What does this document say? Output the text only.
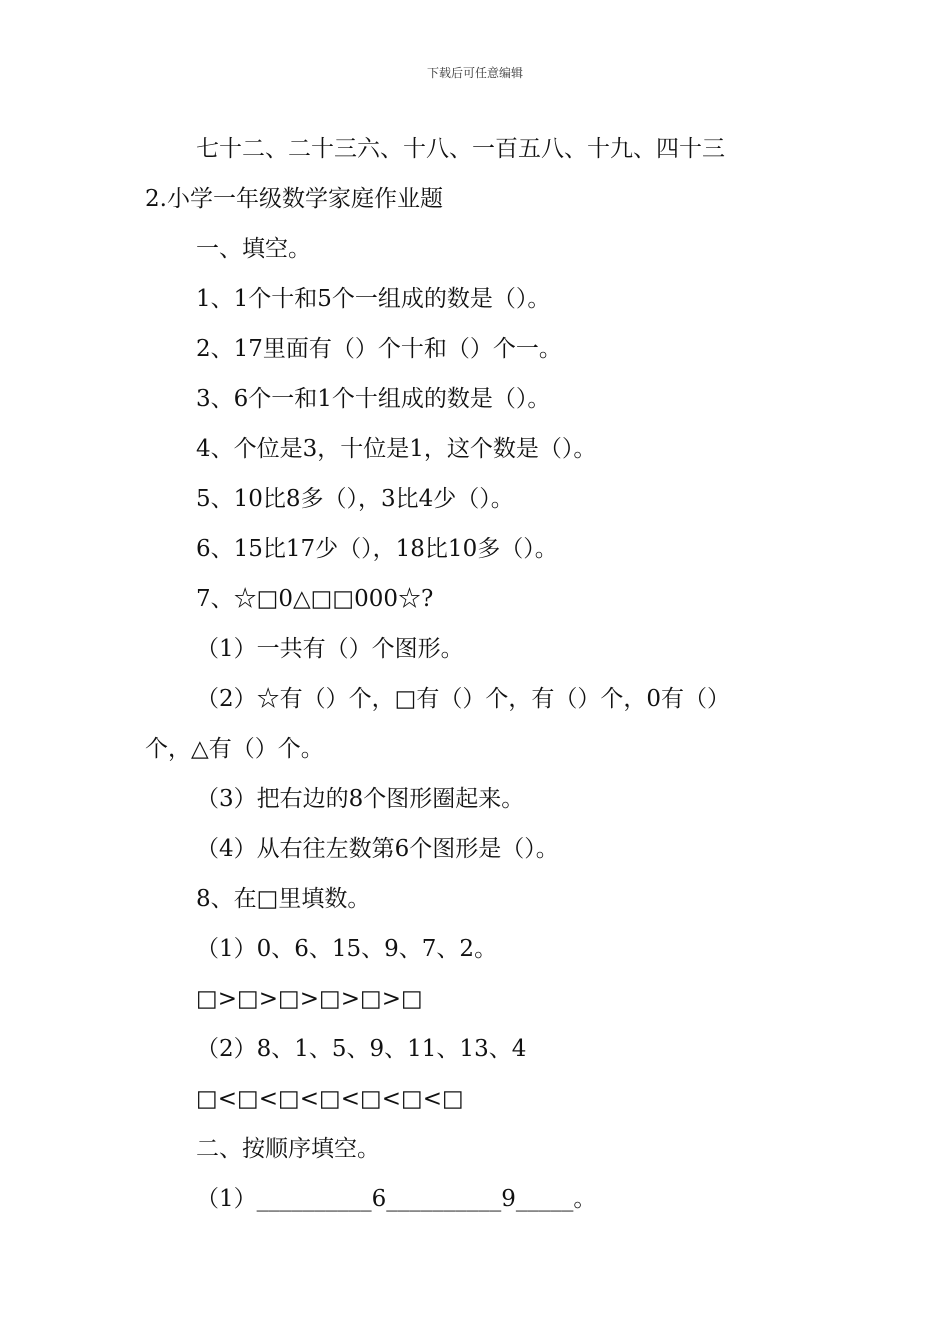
下载后可任意编辑
七十二、二十三六、十八、一百五八、十九、四十三
2.小学一年级数学家庭作业题
一、填空。
1、1个十和5个一组成的数是（）。
2、17里面有（）个十和（）个一。
3、6个一和1个十组成的数是（）。
4、个位是3，十位是1，这个数是（）。
5、10比8多（），3比4少（）。
6、15比17少（），18比10多（）。
7、☆□0△□□000☆?
（1）一共有（）个图形。
（2）☆有（）个，□有（）个，有（）个，0有（）
个，△有（）个。
（3）把右边的8个图形圈起来。
（4）从右往左数第6个图形是（）。
8、在□里填数。
（1）0、6、15、9、7、2。
□>□>□>□>□>□
（2）8、1、5、9、11、13、4
□<□<□<□<□<□<□
二、按顺序填空。
（1）__________6__________9_____。
